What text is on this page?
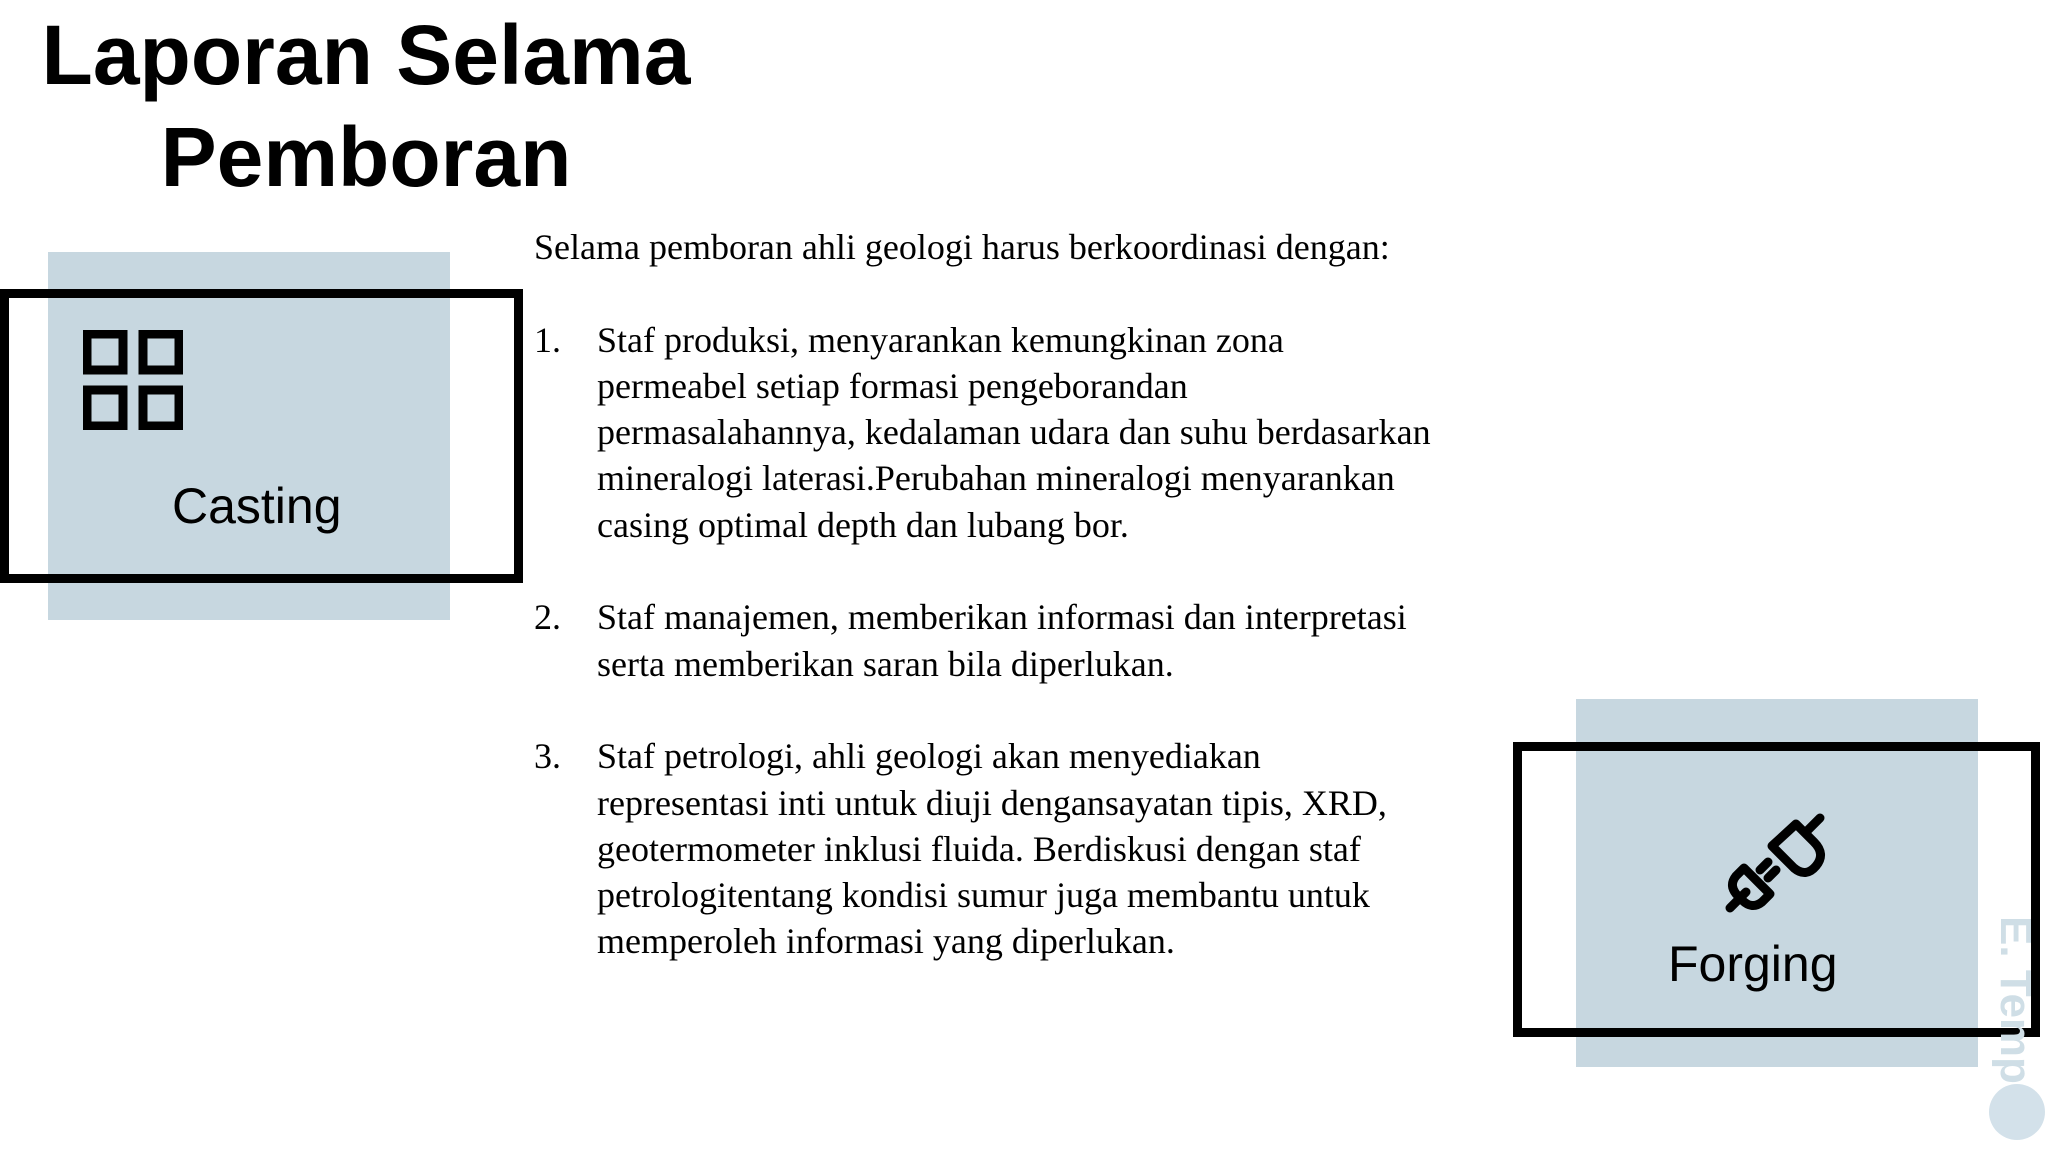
Laporan Selama
Pemboran
Casting
Forging

Selama pemboran ahli geologi harus berkoordinasi dengan:

1. Staf produksi, menyarankan kemungkinan zona
permeabel setiap formasi pengeborandan
permasalahannya, kedalaman udara dan suhu berdasarkan
mineralogi laterasi.Perubahan mineralogi menyarankan
casing optimal depth dan lubang bor.
2. Staf manajemen, memberikan informasi dan interpretasi
serta memberikan saran bila diperlukan.
3. Staf petrologi, ahli geologi akan menyediakan
representasi inti untuk diuji dengansayatan tipis, XRD,
geotermometer inklusi fluida. Berdiskusi dengan staf
petrologitentang kondisi sumur juga membantu untuk
memperoleh informasi yang diperlukan.	E. Temp
